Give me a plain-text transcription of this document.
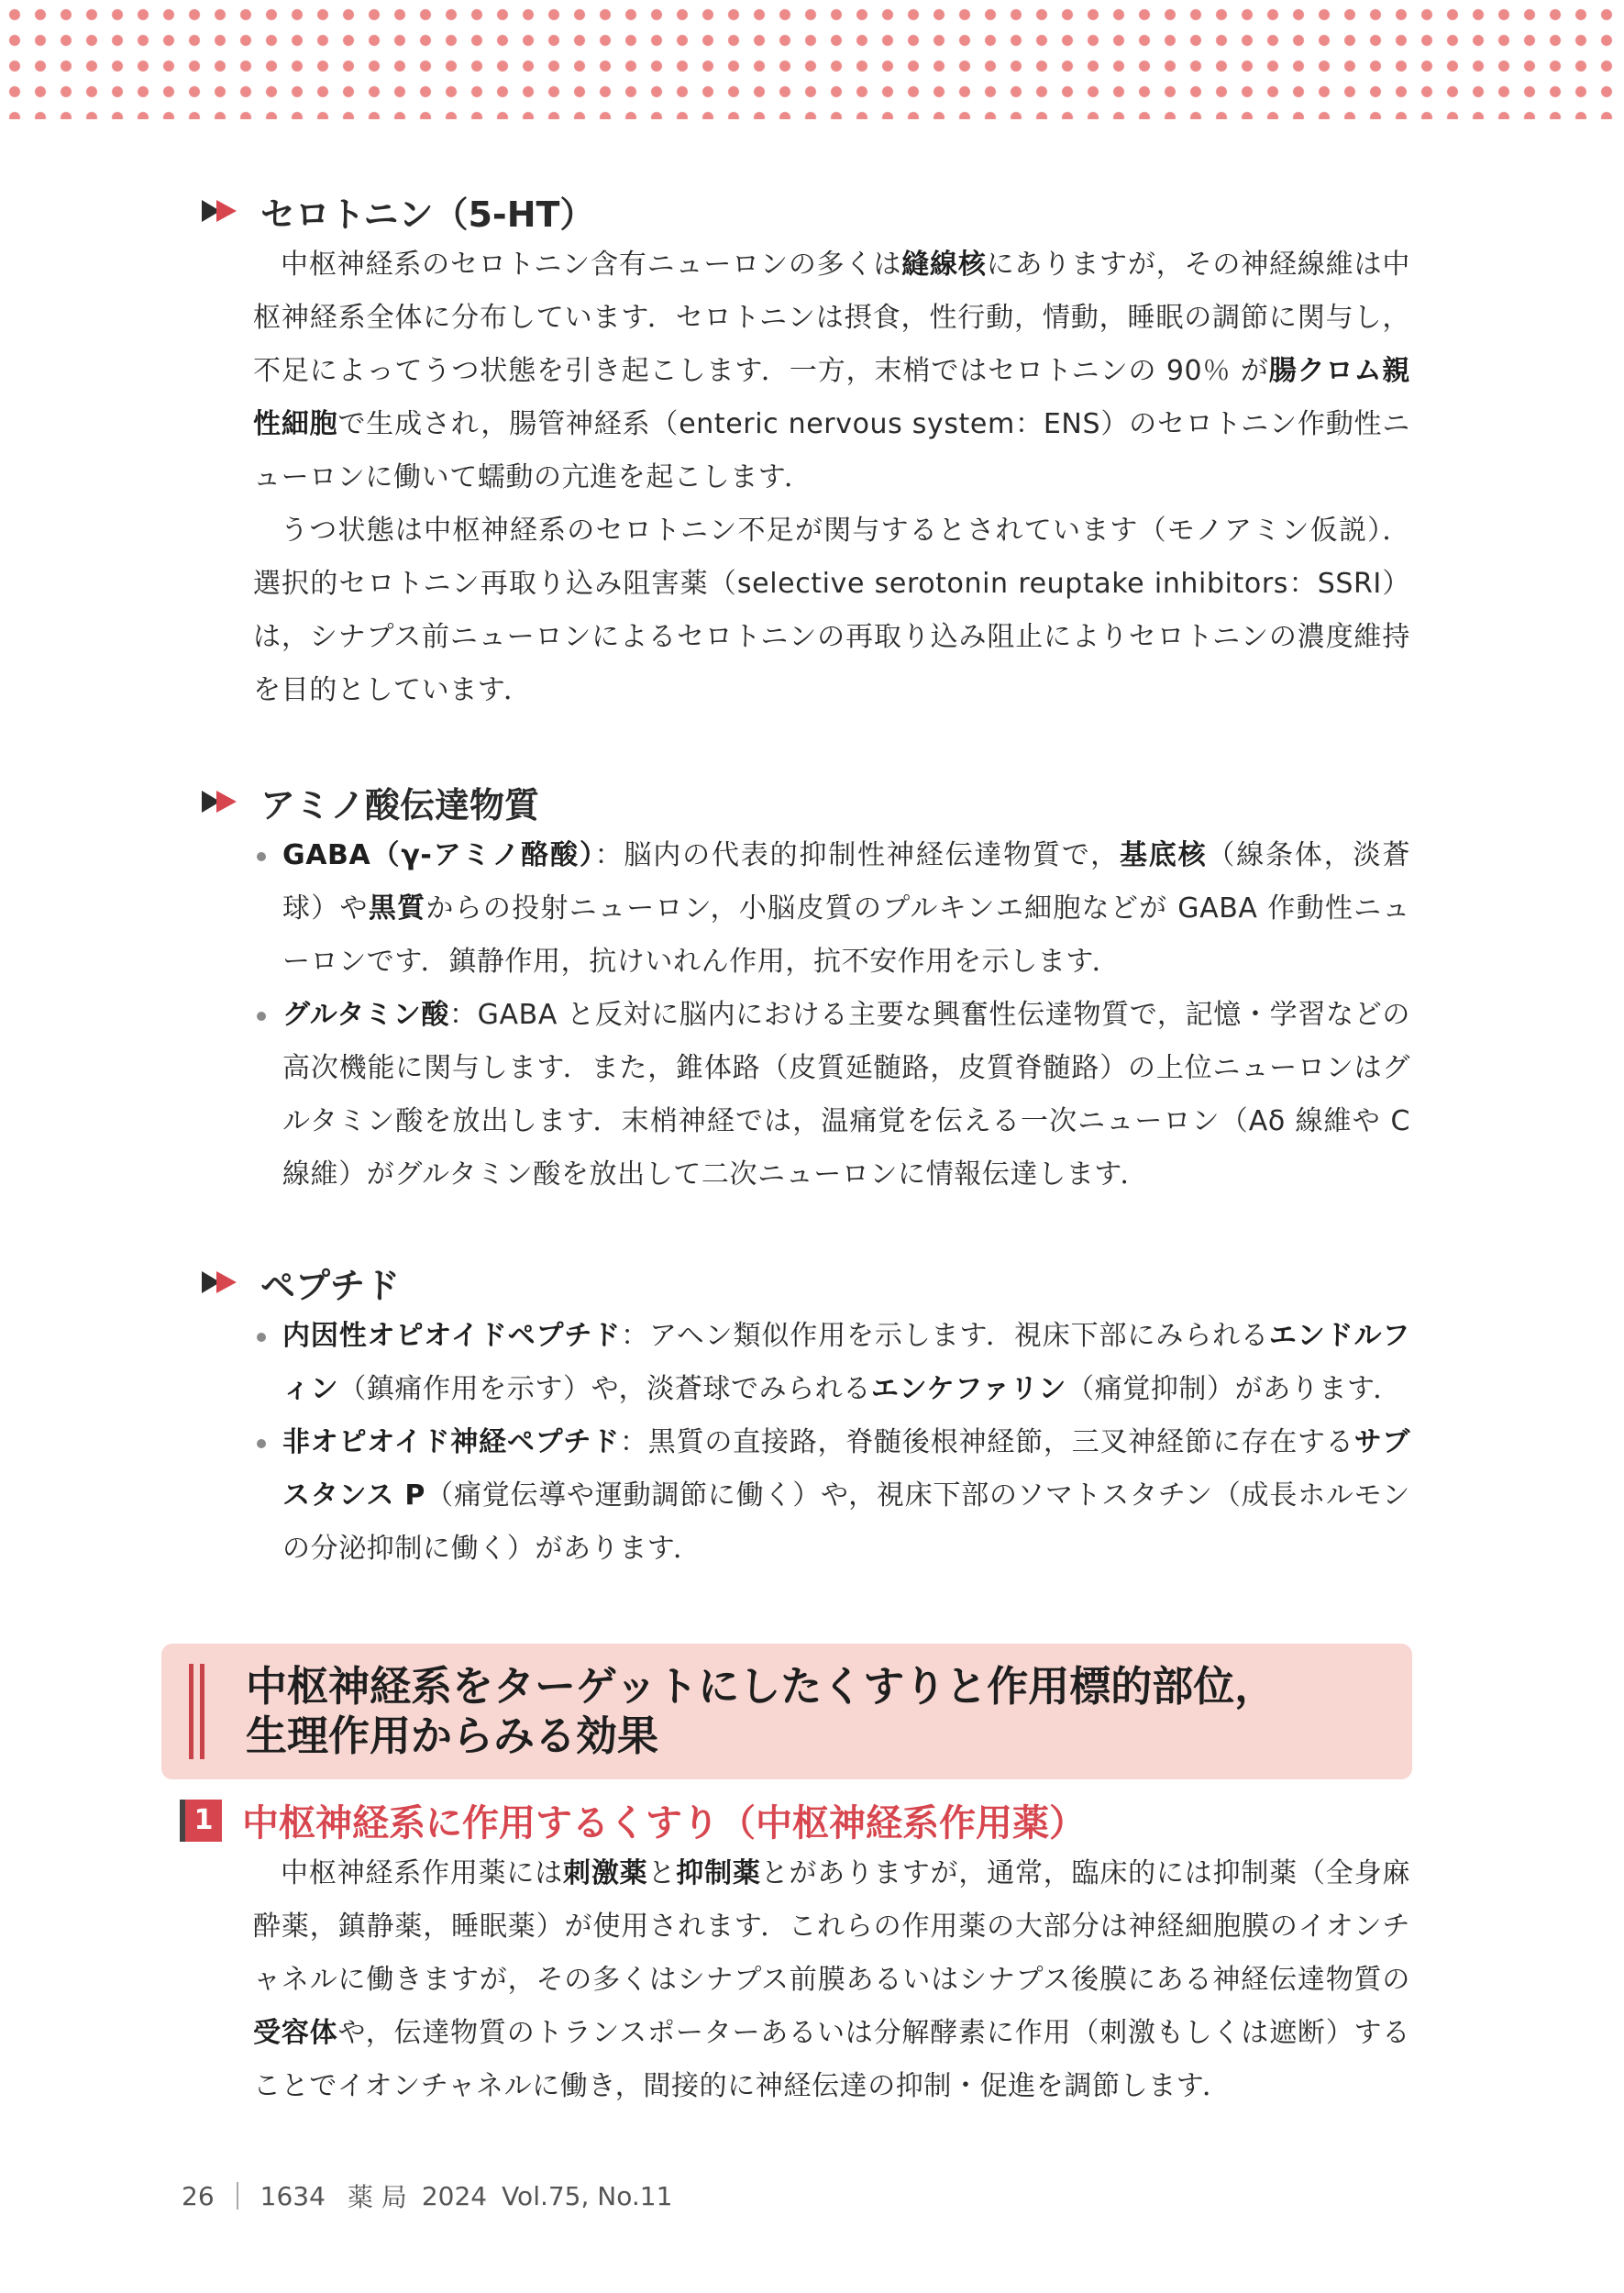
セロトニン（5-HT）

中枢神経系のセロトニン含有ニューロンの多くは縫線核にありますが，その神経線維は中枢神経系全体に分布しています．セロトニンは摂食，性行動，情動，睡眠の調節に関与し，不足によってうつ状態を引き起こします．一方，末梢ではセロトニンの 90％ が腸クロム親性細胞で生成され，腸管神経系（enteric nervous system：ENS）のセロトニン作動性ニューロンに働いて蠕動の亢進を起こします．

うつ状態は中枢神経系のセロトニン不足が関与するとされています（モノアミン仮説）．選択的セロトニン再取り込み阻害薬（selective serotonin reuptake inhibitors：SSRI）は，シナプス前ニューロンによるセロトニンの再取り込み阻止によりセロトニンの濃度維持を目的としています．

アミノ酸伝達物質
GABA（γ-アミノ酪酸）：脳内の代表的抑制性神経伝達物質で，基底核（線条体，淡蒼球）や黒質からの投射ニューロン，小脳皮質のプルキンエ細胞などが GABA 作動性ニューロンです．鎮静作用，抗けいれん作用，抗不安作用を示します．
グルタミン酸：GABA と反対に脳内における主要な興奮性伝達物質で，記憶・学習などの高次機能に関与します．また，錐体路（皮質延髄路，皮質脊髄路）の上位ニューロンはグルタミン酸を放出します．末梢神経では，温痛覚を伝える一次ニューロン（Aδ 線維や C 線維）がグルタミン酸を放出して二次ニューロンに情報伝達します．
ペプチド
内因性オピオイドペプチド：アヘン類似作用を示します．視床下部にみられるエンドルフィン（鎮痛作用を示す）や，淡蒼球でみられるエンケファリン（痛覚抑制）があります．
非オピオイド神経ペプチド：黒質の直接路，脊髄後根神経節，三叉神経節に存在するサブスタンス P（痛覚伝導や運動調節に働く）や，視床下部のソマトスタチン（成長ホルモンの分泌抑制に働く）があります．
中枢神経系をターゲットにしたくすりと作用標的部位，
生理作用からみる効果
1 中枢神経系に作用するくすり（中枢神経系作用薬）

中枢神経系作用薬には刺激薬と抑制薬とがありますが，通常，臨床的には抑制薬（全身麻酔薬，鎮静薬，睡眠薬）が使用されます．これらの作用薬の大部分は神経細胞膜のイオンチャネルに働きますが，その多くはシナプス前膜あるいはシナプス後膜にある神経伝達物質の受容体や，伝達物質のトランスポーターあるいは分解酵素に作用（刺激もしくは遮断）することでイオンチャネルに働き，間接的に神経伝達の抑制・促進を調節します．

26 1634 薬 局 2024 Vol.75, No.11
